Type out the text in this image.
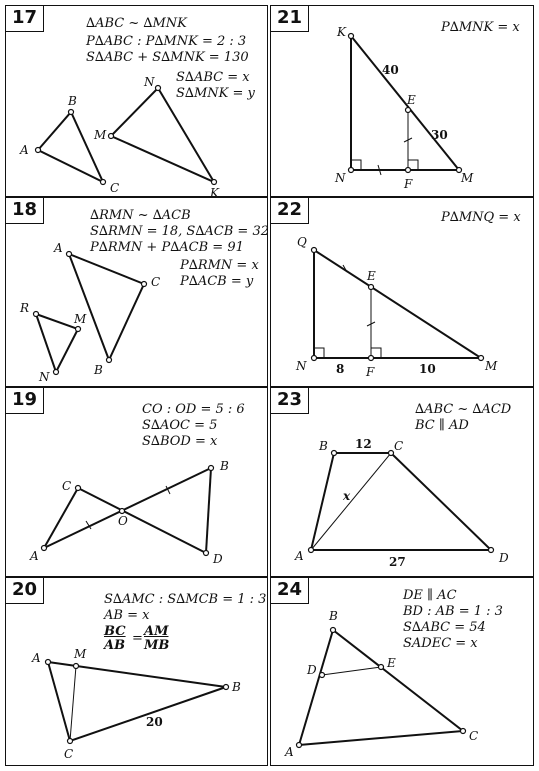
17	∆ABC ~ ∆MNK
P∆ABC : P∆MNK = 2 : 3
S∆ABC + S∆MNK = 130
S∆ABC = x
S∆MNK = y
A
B
C
M
N
K
21	P∆MNK = x
K
E
N	F	M
40
30
18	∆RMN ~ ∆ACB
S∆RMN = 18, S∆ACB = 32
P∆RMN + P∆ACB = 91
P∆RMN = x
P∆ACB = y
A
C
B
R
M
N
22	P∆MNQ = x
Q
E
N	F	M
8	10
19	CO : OD = 5 : 6
S∆AOC = 5
S∆BOD = x
C
B
O
A	D
23	∆ABC ~ ∆ACD
BC ∥ AD
B	C
A	D
12
x
27
20	S∆AMC : S∆MCB = 1 : 3
AB = x
BC
AB = AM
MB
A	M
B
C
20
24	DE ∥ AC
BD : AB = 1 : 3
S∆ABC = 54
SADEC = x
B
D	E
A
C
